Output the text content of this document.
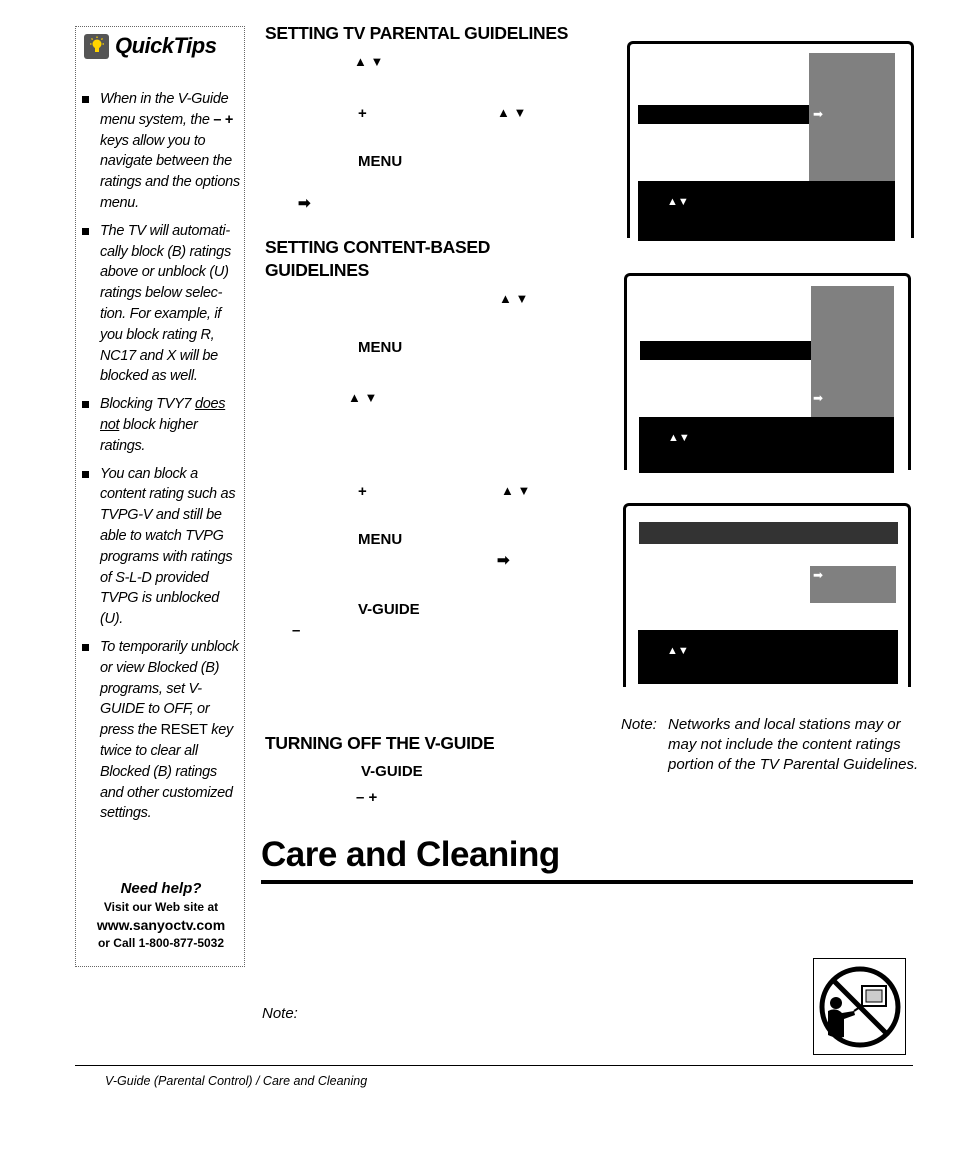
QuickTips
When in the V-Guide menu system, the – + keys allow you to navigate between the ratings and the options menu.
The TV will automati-cally block (B) ratings above or unblock (U) ratings below selec-tion. For example, if you block rating R, NC17 and X will be blocked as well.
Blocking TVY7 does not block higher ratings.
You can block a content rating such as TVPG-V and still be able to watch TVPG programs with ratings of S-L-D provided TVPG is unblocked (U).
To temporarily unblock or view Blocked (B) programs, set V-GUIDE to OFF, or press the RESET key twice to clear all Blocked (B) ratings and other customized settings.
Need help?
Visit our Web site at
www.sanyoctv.com
or Call 1-800-877-5032
SETTING TV PARENTAL GUIDELINES
SETTING CONTENT-BASED
GUIDELINES
TURNING OFF THE V-GUIDE
▲ ▼
+	▲ ▼
MENU
➡
▲ ▼
MENU
▲ ▼
+	▲ ▼
MENU
➡
V-GUIDE
–
V-GUIDE
– +
➡
▲▼
➡
▲▼
➡
▲▼
Note: Networks and local stations may or may not include the content ratings portion of the TV Parental Guidelines.
Care and Cleaning
Note:
V-Guide (Parental Control) / Care and Cleaning
